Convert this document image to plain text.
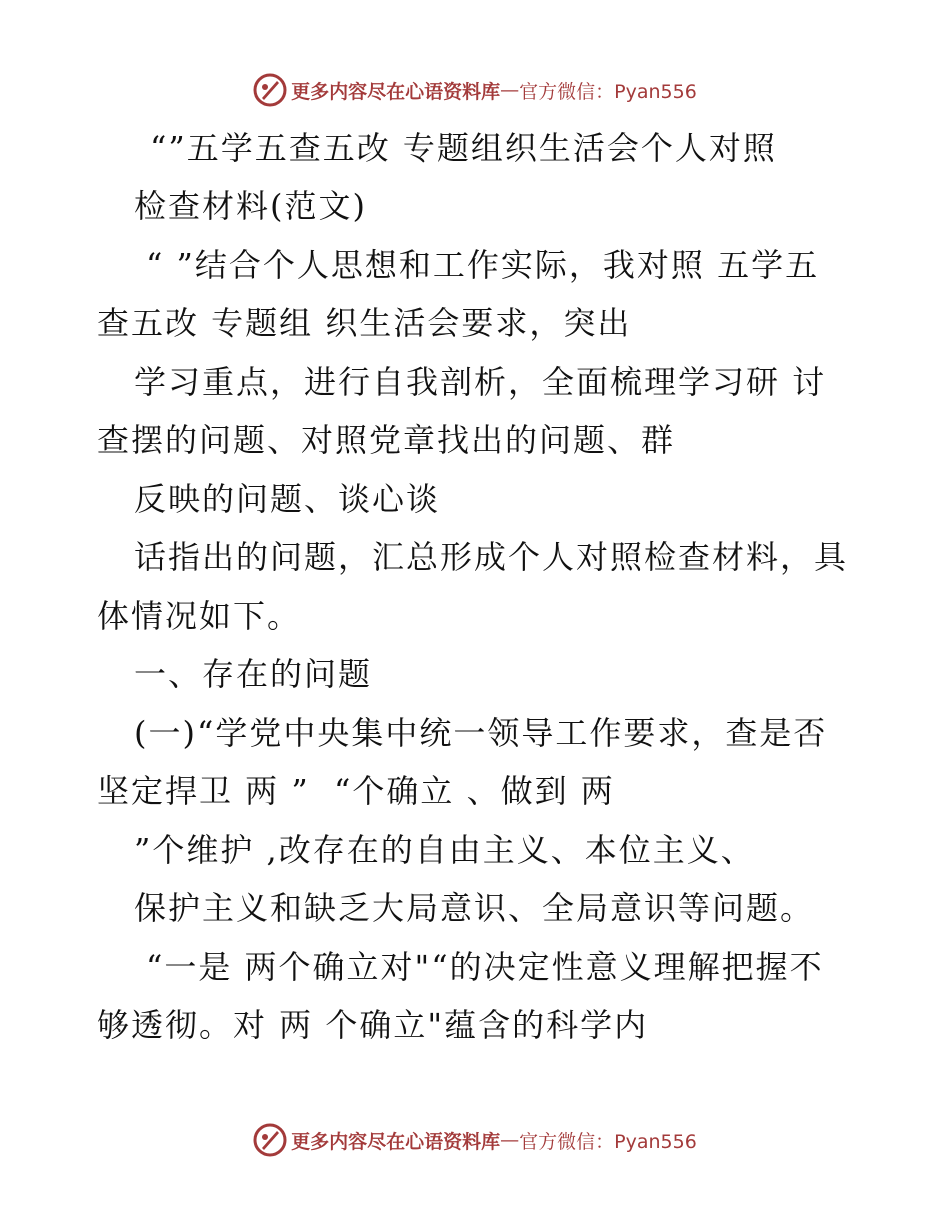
更多内容尽在心语资料库 — 官方微信：Pyan556
“”五学五查五改 专题组织生活会个人对照
检查材料(范文)
“ ”结合个人思想和工作实际，我对照 五学五
查五改 专题组 织生活会要求，突出
学习重点，进行自我剖析，全面梳理学习研 讨
查摆的问题、对照党章找出的问题、群
反映的问题、谈心谈
话指出的问题，汇总形成个人对照检查材料，具
体情况如下。
一、存在的问题
(一)“学党中央集中统一领导工作要求，查是否
坚定捍卫 两 ”  “个确立 、做到 两
”个维护 ,改存在的自由主义、本位主义、
保护主义和缺乏大局意识、全局意识等问题。
“一是 两个确立对"“的决定性意义理解把握不
够透彻。对 两 个确立"蕴含的科学内
更多内容尽在心语资料库 — 官方微信：Pyan556
